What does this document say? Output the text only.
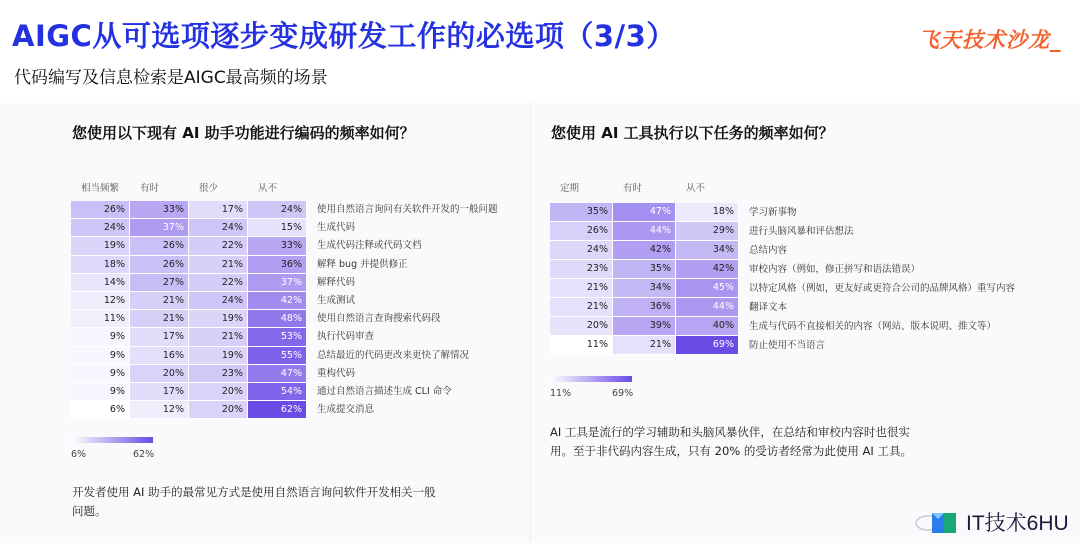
AIGC从可选项逐步变成研发工作的必选项（3/3）
代码编写及信息检索是AIGC最高频的场景
飞天技术沙龙_
您使用以下现有 AI 助手功能进行编码的频率如何？	您使用 AI 工具执行以下任务的频率如何？
开发者使用 AI 助手的最常见方式是使用自然语言询问软件开发相关一般问题。
AI 工具是流行的学习辅助和头脑风暴伙伴，在总结和审校内容时也很实用。至于非代码内容生成，只有 20% 的受访者经常为此使用 AI 工具。
IT技术6HU
相当频繁 有时	很少	从不
26%	33%	17%	24%	使用自然语言询问有关软件开发的一般问题
24%	37%	24%	15%	生成代码
19%	26%	22%	33%	生成代码注释或代码文档
18%	26%	21%	36%	解释 bug 并提供修正
14%	27%	22%	37%	解释代码
12%	21%	24%	42%	生成测试
11%	21%	19%	48%	使用自然语言查询搜索代码段
9%	17%	21%	53%	执行代码审查
9%	16%	19%	55%	总结最近的代码更改来更快了解情况
9%	20%	23%	47%	重构代码
9%	17%	20%	54%	通过自然语言描述生成 CLI 命令
6%	12%	20%	62%	生成提交消息
6%	62%
定期	有时	从不
35%	47%	18%	学习新事物
26%	44%	29%	进行头脑风暴和评估想法
24%	42%	34%	总结内容
23%	35%	42%	审校内容（例如，修正拼写和语法错误）
21%	34%	45%	以特定风格（例如，更友好或更符合公司的品牌风格）重写内容
21%	36%	44%	翻译文本
20%	39%	40%	生成与代码不直接相关的内容（网站、版本说明、推文等）
11%	21%	69%	防止使用不当语言
11%	69%
